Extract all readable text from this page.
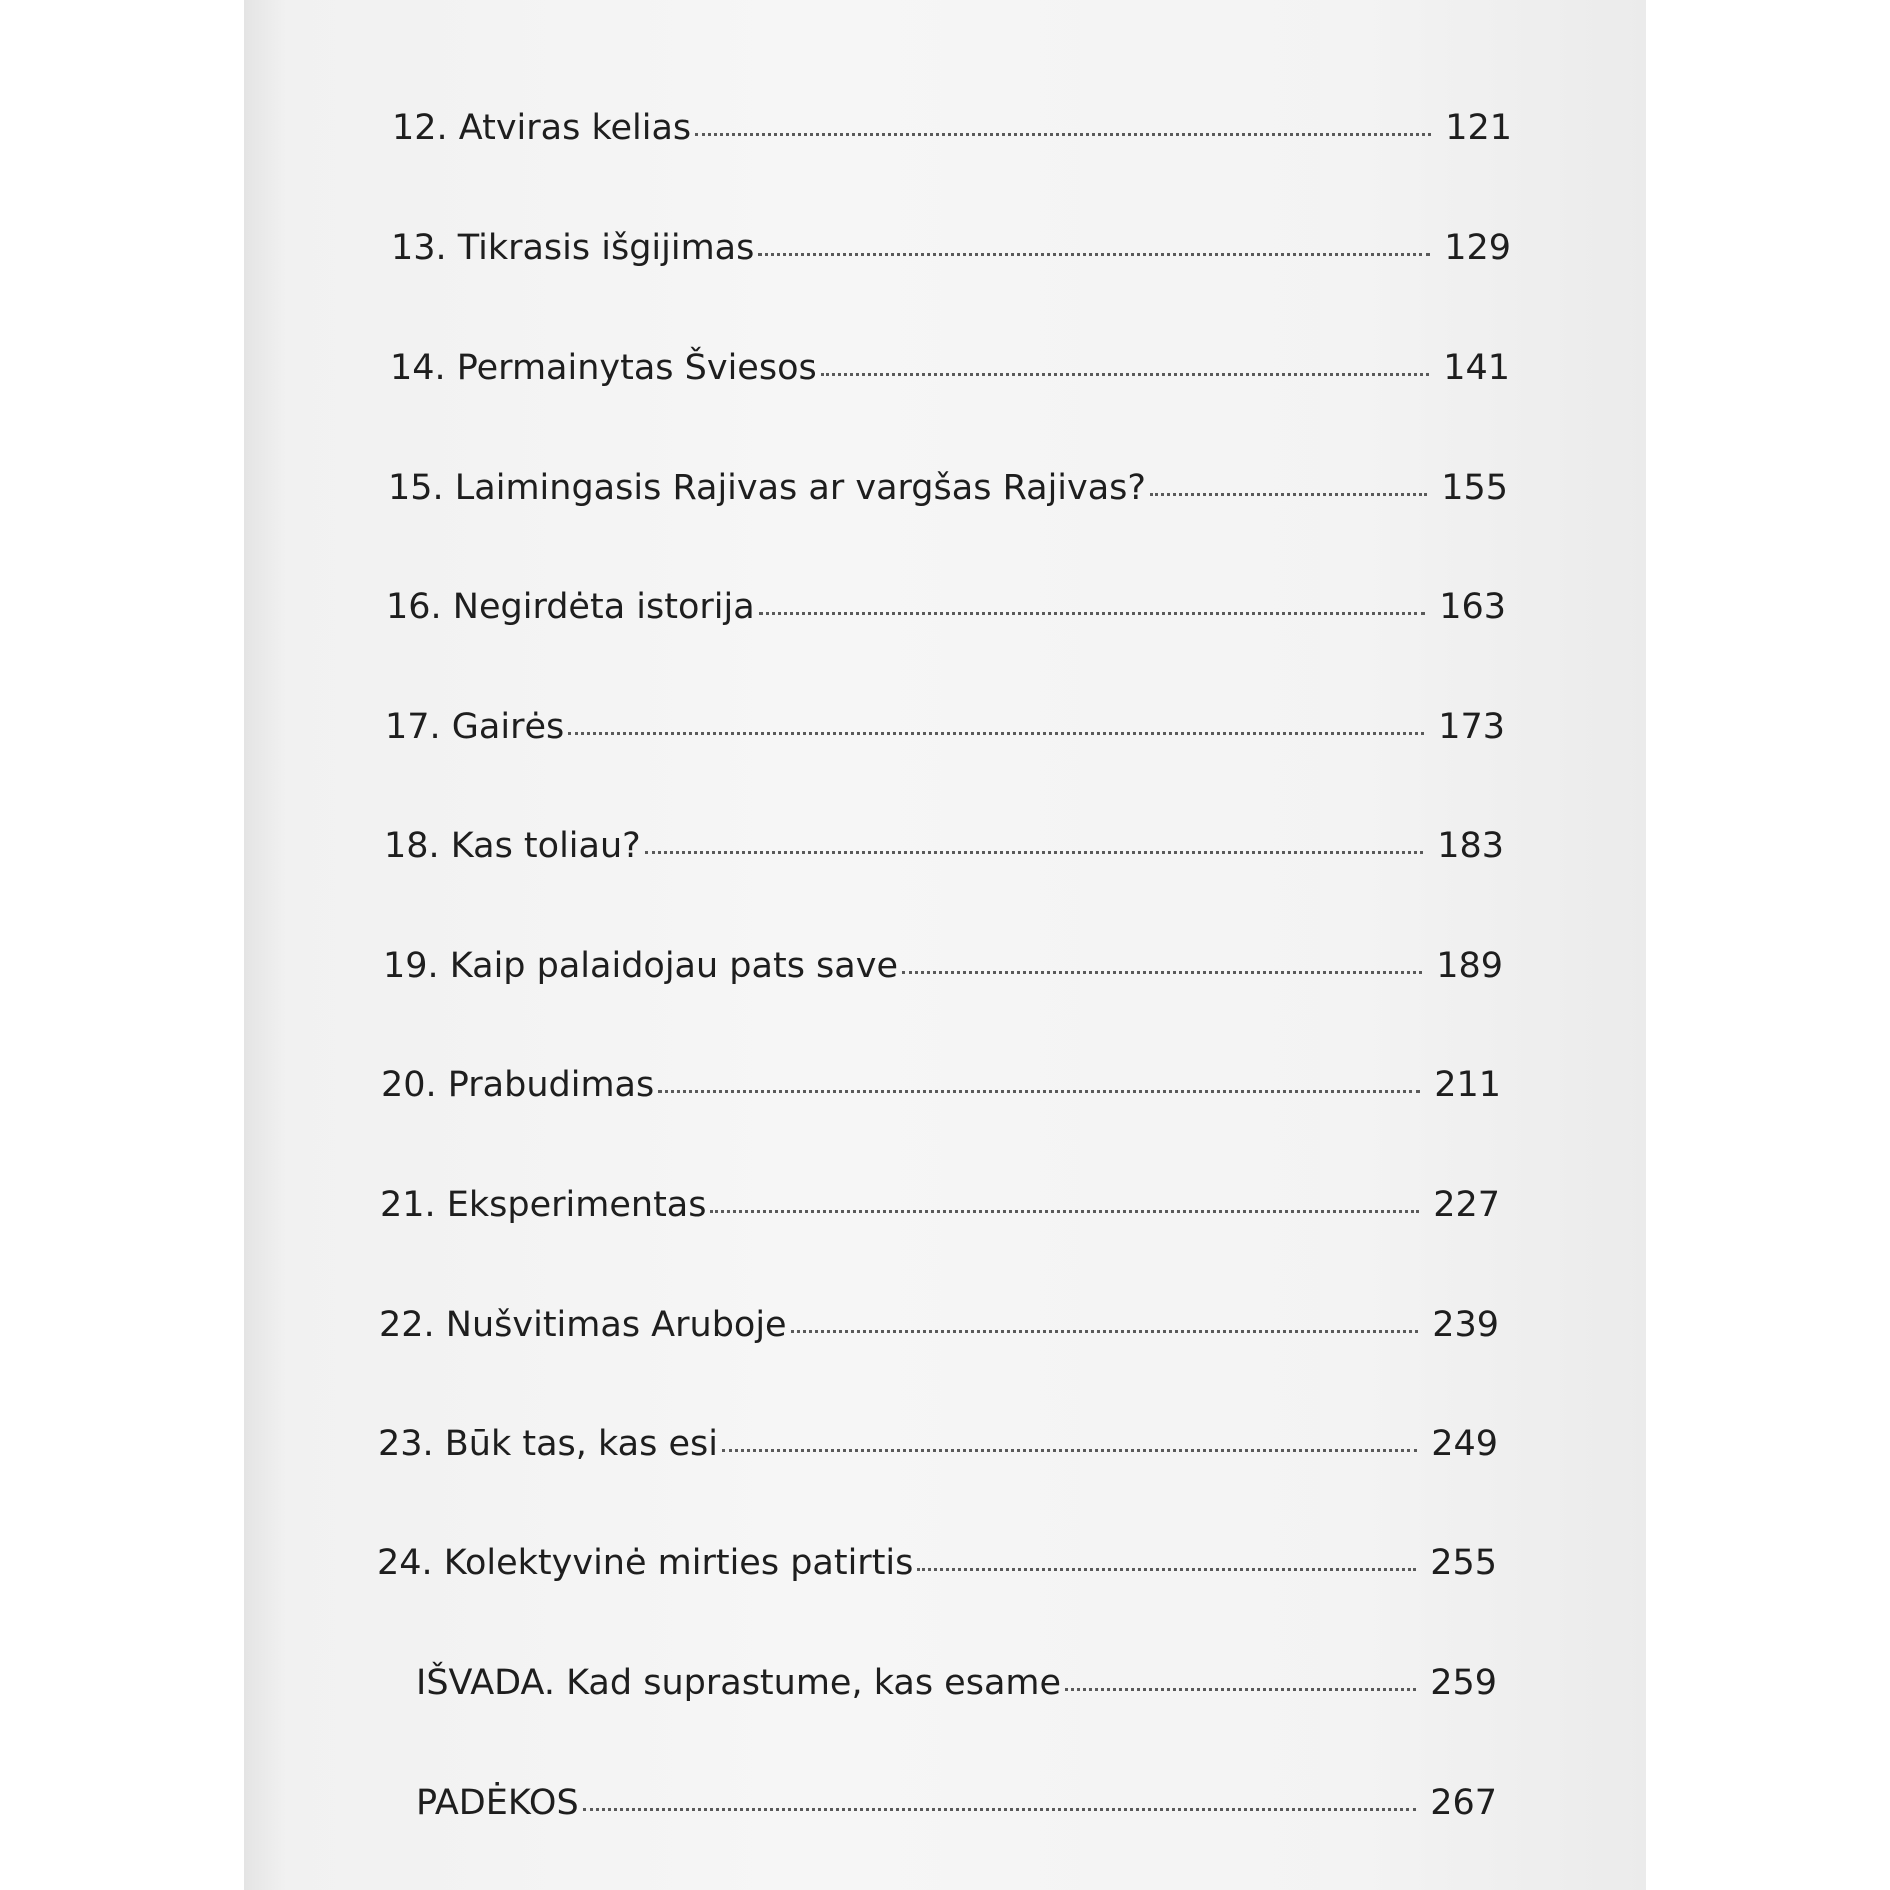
12. Atviras kelias	121
13. Tikrasis išgijimas	129
14. Permainytas Šviesos	141
15. Laimingasis Rajivas ar vargšas Rajivas?	155
16. Negirdėta istorija	163
17. Gairės	173
18. Kas toliau?	183
19. Kaip palaidojau pats save	189
20. Prabudimas	211
21. Eksperimentas	227
22. Nušvitimas Aruboje	239
23. Būk tas, kas esi	249
24. Kolektyvinė mirties patirtis	255
IŠVADA. Kad suprastume, kas esame	259
PADĖKOS	267
